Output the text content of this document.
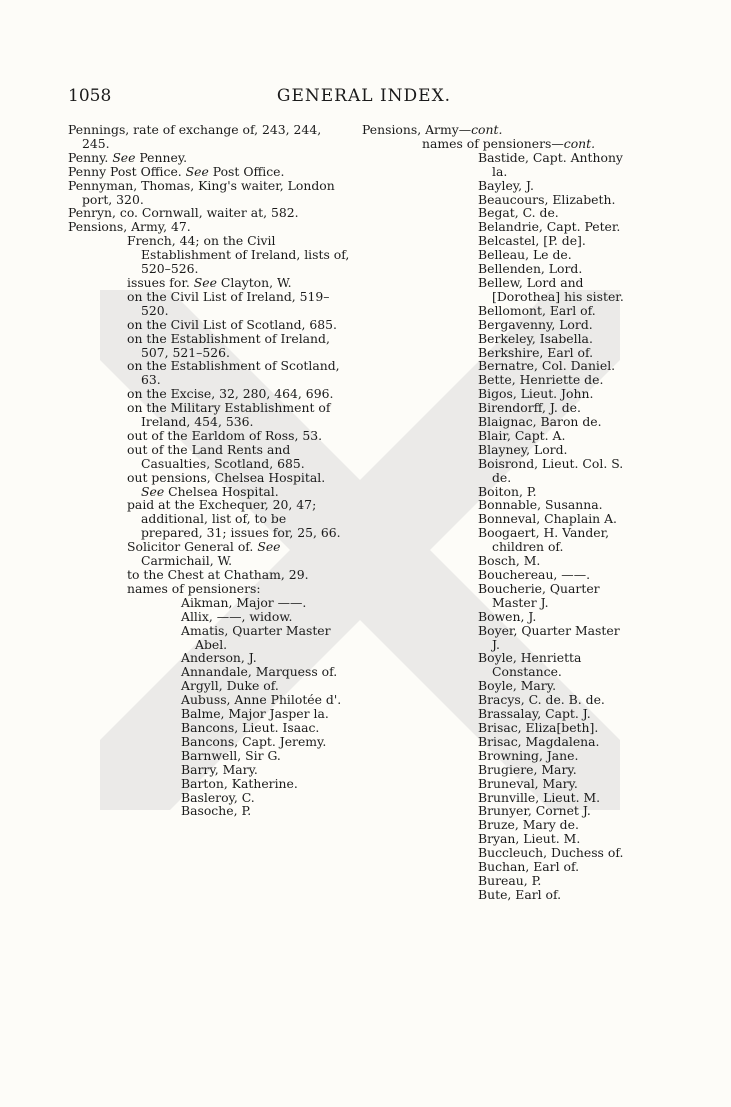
1058	GENERAL INDEX.
Pennings, rate of exchange of, 243, 244, 245.
Penny. See Penney.
Penny Post Office. See Post Office.
Pennyman, Thomas, King's waiter, London port, 320.
Penryn, co. Cornwall, waiter at, 582.
Pensions, Army, 47.
French, 44; on the Civil Establishment of Ireland, lists of, 520–526.
issues for. See Clayton, W.
on the Civil List of Ireland, 519–520.
on the Civil List of Scotland, 685.
on the Establishment of Ireland, 507, 521–526.
on the Establishment of Scotland, 63.
on the Excise, 32, 280, 464, 696.
on the Military Establishment of Ireland, 454, 536.
out of the Earldom of Ross, 53.
out of the Land Rents and Casualties, Scotland, 685.
out pensions, Chelsea Hospital. See Chelsea Hospital.
paid at the Exchequer, 20, 47; additional, list of, to be prepared, 31; issues for, 25, 66.
Solicitor General of. See Carmichail, W.
to the Chest at Chatham, 29.
names of pensioners:
Aikman, Major ——.
Allix, ——, widow.
Amatis, Quarter Master Abel.
Anderson, J.
Annandale, Marquess of.
Argyll, Duke of.
Aubuss, Anne Philotée d'.
Balme, Major Jasper la.
Bancons, Lieut. Isaac.
Bancons, Capt. Jeremy.
Barnwell, Sir G.
Barry, Mary.
Barton, Katherine.
Basleroy, C.
Basoche, P.
Pensions, Army—cont.
names of pensioners—cont.
Bastide, Capt. Anthony la.
Bayley, J.
Beaucours, Elizabeth.
Begat, C. de.
Belandrie, Capt. Peter.
Belcastel, [P. de].
Belleau, Le de.
Bellenden, Lord.
Bellew, Lord and [Dorothea] his sister.
Bellomont, Earl of.
Bergavenny, Lord.
Berkeley, Isabella.
Berkshire, Earl of.
Bernatre, Col. Daniel.
Bette, Henriette de.
Bigos, Lieut. John.
Birendorff, J. de.
Blaignac, Baron de.
Blair, Capt. A.
Blayney, Lord.
Boisrond, Lieut. Col. S. de.
Boiton, P.
Bonnable, Susanna.
Bonneval, Chaplain A.
Boogaert, H. Vander, children of.
Bosch, M.
Bouchereau, ——.
Boucherie, Quarter Master J.
Bowen, J.
Boyer, Quarter Master J.
Boyle, Henrietta Constance.
Boyle, Mary.
Bracys, C. de. B. de.
Brassalay, Capt. J.
Brisac, Eliza[beth].
Brisac, Magdalena.
Browning, Jane.
Brugiere, Mary.
Bruneval, Mary.
Brunville, Lieut. M.
Brunyer, Cornet J.
Bruze, Mary de.
Bryan, Lieut. M.
Buccleuch, Duchess of.
Buchan, Earl of.
Bureau, P.
Bute, Earl of.
